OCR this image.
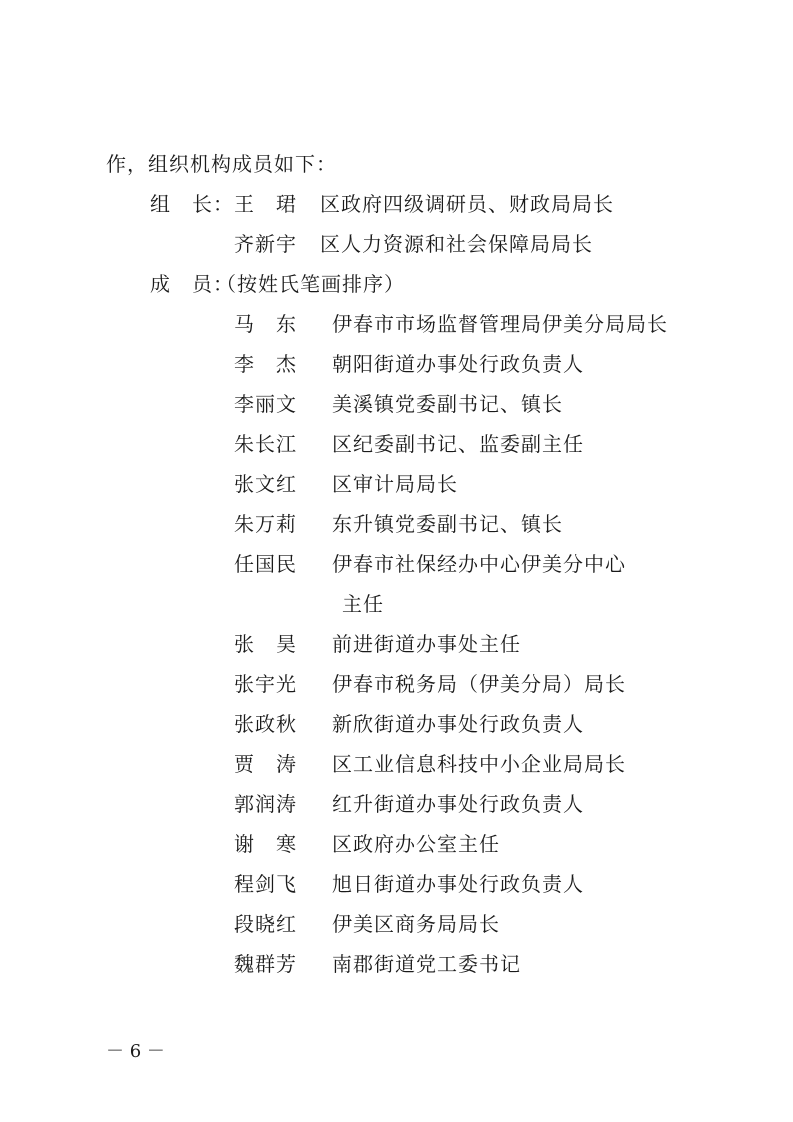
作，组织机构成员如下：
组　长： 王　珺 区政府四级调研员、财政局局长
齐新宇 区人力资源和社会保障局局长
成　员：
（按姓氏笔画排序）
马　东 伊春市市场监督管理局伊美分局局长
李　杰 朝阳街道办事处行政负责人
李丽文 美溪镇党委副书记、镇长
朱长江 区纪委副书记、监委副主任
张文红 区审计局局长
朱万莉 东升镇党委副书记、镇长
任国民 伊春市社保经办中心伊美分中心
主任
张　昊 前进街道办事处主任
张宇光 伊春市税务局（伊美分局）局长
张政秋 新欣街道办事处行政负责人
贾　涛 区工业信息科技中小企业局局长
郭润涛 红升街道办事处行政负责人
谢　寒 区政府办公室主任
程剑飞 旭日街道办事处行政负责人
段晓红 伊美区商务局局长
魏群芳 南郡街道党工委书记
－ 6 －
